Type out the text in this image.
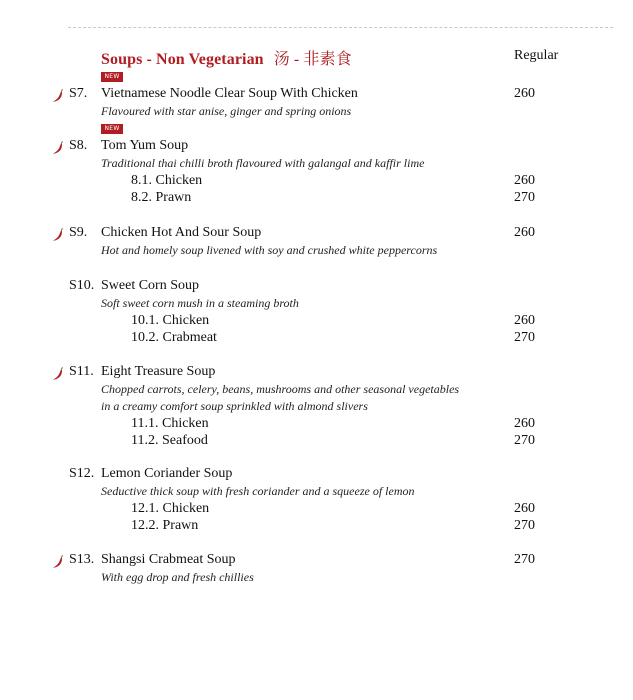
Soups - Non Vegetarian 汤 - 非素食	Regular
NEW
S7. Vietnamese Noodle Clear Soup With Chicken	260
Flavoured with star anise, ginger and spring onions
NEW
S8. Tom Yum Soup
Traditional thai chilli broth flavoured with galangal and kaffir lime
8.1. Chicken	260
8.2. Prawn	270
S9. Chicken Hot And Sour Soup	260
Hot and homely soup livened with soy and crushed white peppercorns
S10. Sweet Corn Soup
Soft sweet corn mush in a steaming broth
10.1. Chicken	260
10.2. Crabmeat	270
S11. Eight Treasure Soup
Chopped carrots, celery, beans, mushrooms and other seasonal vegetables
in a creamy comfort soup sprinkled with almond slivers
11.1. Chicken	260
11.2. Seafood	270
S12. Lemon Coriander Soup
Seductive thick soup with fresh coriander and a squeeze of lemon
12.1. Chicken	260
12.2. Prawn	270
S13. Shangsi Crabmeat Soup	270
With egg drop and fresh chillies
